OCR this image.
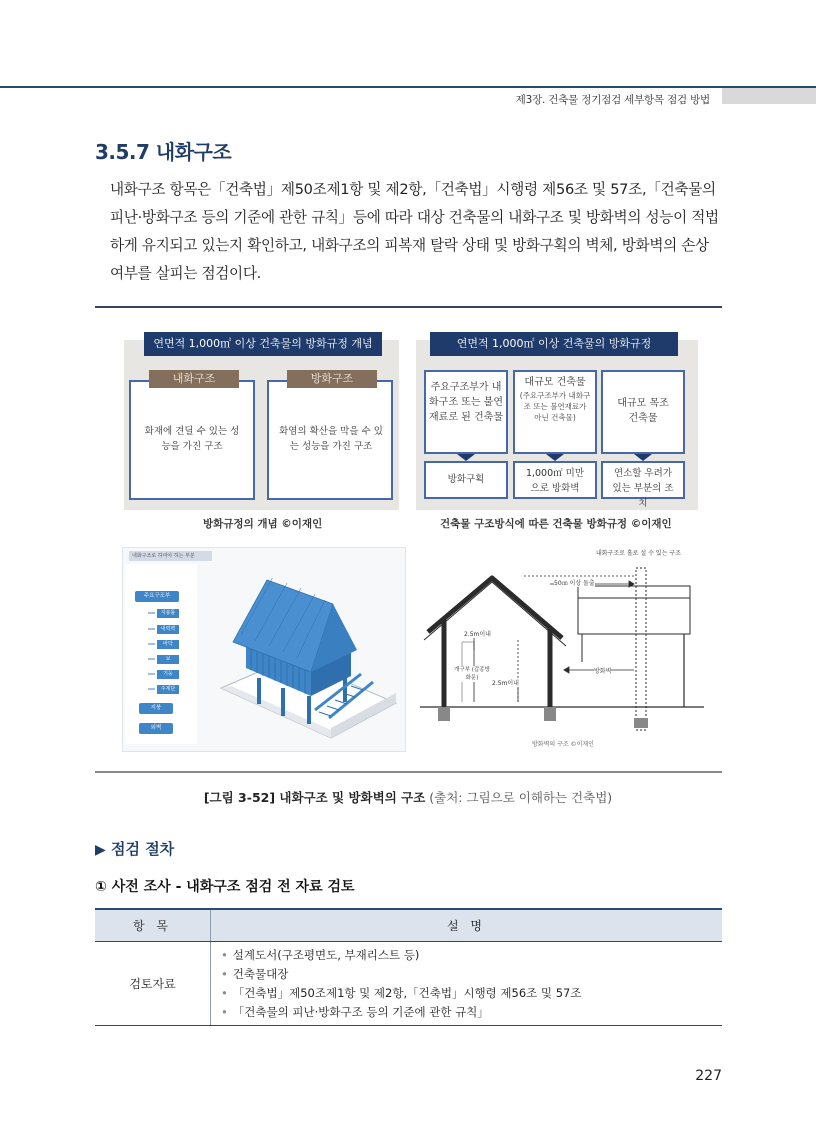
제3장. 건축물 정기점검 세부항목 점검 방법
3.5.7 내화구조
내화구조 항목은「건축법」제50조제1항 및 제2항,「건축법」시행령 제56조 및 57조,「건축물의 피난·방화구조 등의 기준에 관한 규칙」등에 따라 대상 건축물의 내화구조 및 방화벽의 성능이 적법하게 유지되고 있는지 확인하고, 내화구조의 피복재 탈락 상태 및 방화구획의 벽체, 방화벽의 손상 여부를 살피는 점검이다.
연면적 1,000㎡ 이상 건축물의 방화규정 개념
내화구조
화재에 견딜 수 있는 성능을 가진 구조
방화구조
화염의 확산을 막을 수 있는 성능을 가진 구조
방화규정의 개념 ©이재인
연면적 1,000㎡ 이상 건축물의 방화규정
주요구조부가 내화구조 또는 불연재료로 된 건축물
대규모 건축물
(주요구조부가 내화구조 또는 불연재료가 아닌 건축물)
대규모 목조 건축물
방화구획
1,000㎡ 미만으로 방화벽
연소할 우려가 있는 부분의 조치
건축물 구조방식에 따른 건축물 방화규정 ©이재인
내화구조로 하여야 하는 부분
주요구조부
지붕틀
내력벽
바닥
보
기둥
주계단
지붕
외벽
내화구조로 홀로 설 수 있는 구조
50㎝ 이상 돌출
2.5m이내
개구부 (갑종방화문)
2.5m이내
방화벽
방화벽의 구조 ©이재인
[그림 3-52] 내화구조 및 방화벽의 구조 (출처: 그림으로 이해하는 건축법)
▶ 점검 절차
① 사전 조사 - 내화구조 점검 전 자료 검토
항 목	설 명
검토자료	• 설계도서(구조평면도, 부재리스트 등)
• 건축물대장
• 「건축법」제50조제1항 및 제2항,「건축법」시행령 제56조 및 57조
• 「건축물의 피난·방화구조 등의 기준에 관한 규칙」
227
